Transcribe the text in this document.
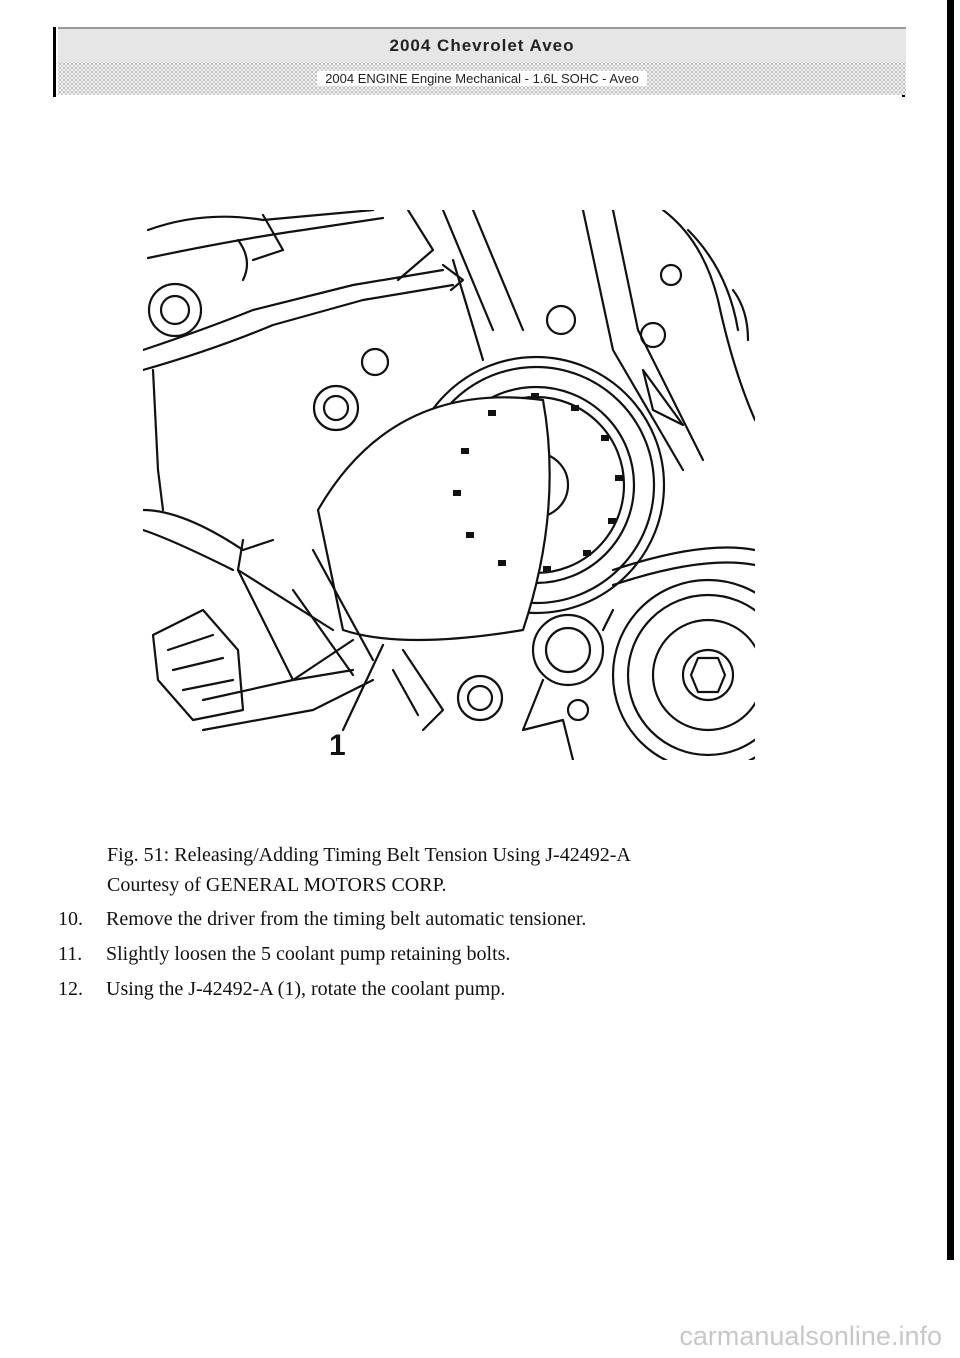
2004 Chevrolet Aveo
2004 ENGINE Engine Mechanical - 1.6L SOHC - Aveo
1
Fig. 51: Releasing/Adding Timing Belt Tension Using J-42492-A
Courtesy of GENERAL MOTORS CORP.
10.	Remove the driver from the timing belt automatic tensioner.
11.	Slightly loosen the 5 coolant pump retaining bolts.
12.	Using the J-42492-A (1), rotate the coolant pump.
carmanualsonline.info
